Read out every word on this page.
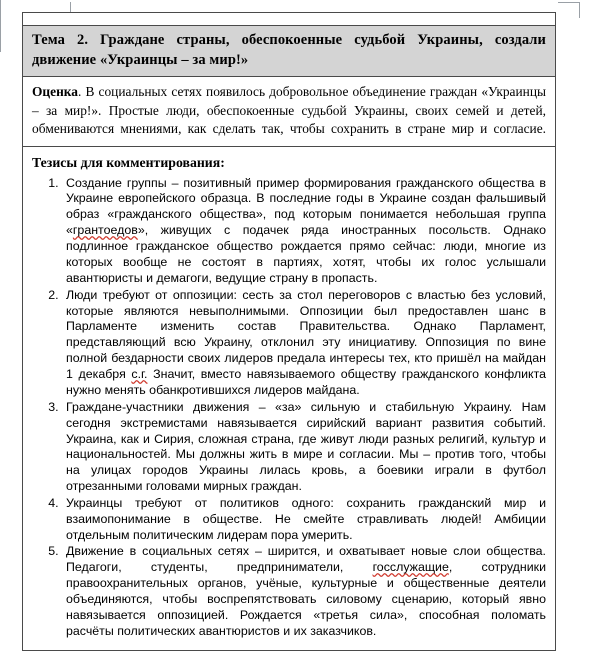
Тема 2. Граждане страны, обеспокоенные судьбой Украины, создали движение «Украинцы – за мир!»
Оценка. В социальных сетях появилось добровольное объединение граждан «Украинцы – за мир!». Простые люди, обеспокоенные судьбой Украины, своих семей и детей, обмениваются мнениями, как сделать так, чтобы сохранить в стране мир и согласие.
Тезисы для комментирования:
1. Создание группы – позитивный пример формирования гражданского общества в Украине европейского образца. В последние годы в Украине создан фальшивый образ «гражданского общества», под которым понимается небольшая группа «грантоедов», живущих с подачек ряда иностранных посольств. Однако подлинное гражданское общество рождается прямо сейчас: люди, многие из которых вообще не состоят в партиях, хотят, чтобы их голос услышали авантюристы и демагоги, ведущие страну в пропасть.
2. Люди требуют от оппозиции: сесть за стол переговоров с властью без условий, которые являются невыполнимыми. Оппозиции был предоставлен шанс в Парламенте изменить состав Правительства. Однако Парламент, представляющий всю Украину, отклонил эту инициативу. Оппозиция по вине полной бездарности своих лидеров предала интересы тех, кто пришёл на майдан 1 декабря с.г. Значит, вместо навязываемого обществу гражданского конфликта нужно менять обанкротившихся лидеров майдана.
3. Граждане-участники движения – «за» сильную и стабильную Украину. Нам сегодня экстремистами навязывается сирийский вариант развития событий. Украина, как и Сирия, сложная страна, где живут люди разных религий, культур и национальностей. Мы должны жить в мире и согласии. Мы – против того, чтобы на улицах городов Украины лилась кровь, а боевики играли в футбол отрезанными головами мирных граждан.
4. Украинцы требуют от политиков одного: сохранить гражданский мир и взаимопонимание в обществе. Не смейте стравливать людей! Амбиции отдельным политическим лидерам пора умерить.
5. Движение в социальных сетях – ширится, и охватывает новые слои общества. Педагоги, студенты, предприниматели, госслужащие, сотрудники правоохранительных органов, учёные, культурные и общественные деятели объединяются, чтобы воспрепятствовать силовому сценарию, который явно навязывается оппозицией. Рождается «третья сила», способная поломать расчёты политических авантюристов и их заказчиков.
